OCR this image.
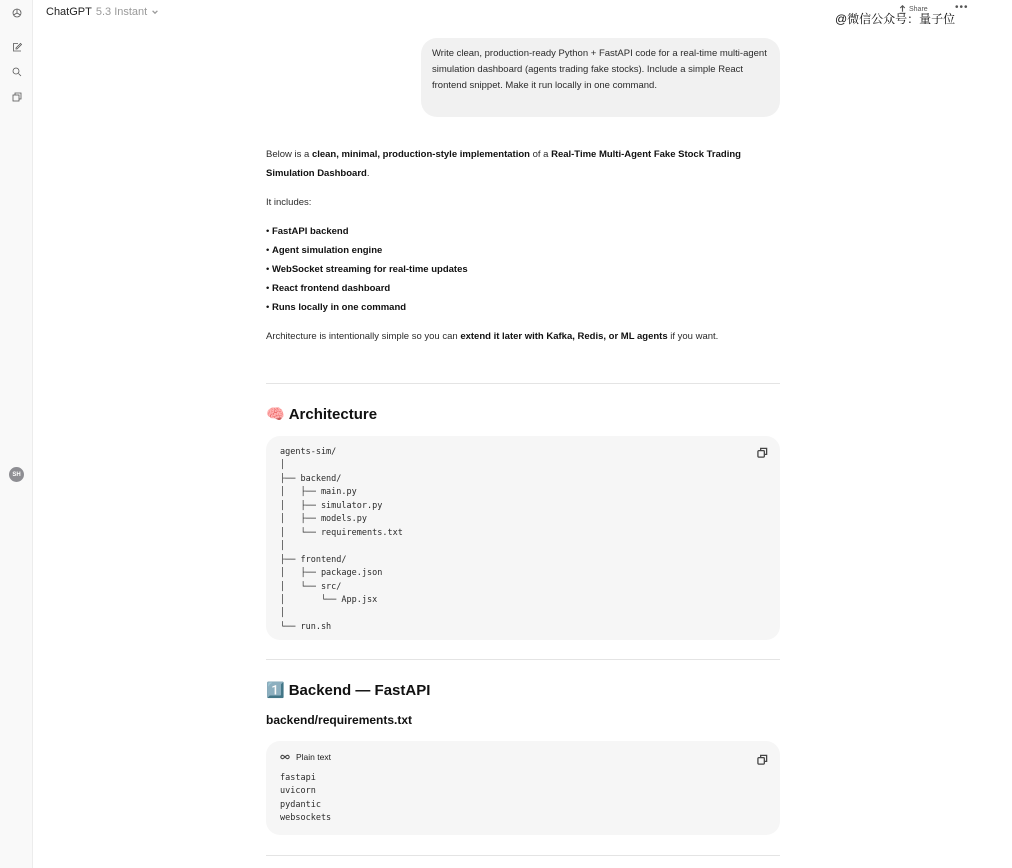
SH
ChatGPT 5.3 Instant	Share	•••
@微信公众号：量子位
Write clean, production-ready Python + FastAPI code for a real-time multi-agent simulation dashboard (agents trading fake stocks). Include a simple React frontend snippet. Make it run locally in one command.

Below is a clean, minimal, production-style implementation of a Real-Time Multi-Agent Fake Stock Trading Simulation Dashboard.

It includes:

• FastAPI backend
• Agent simulation engine
• WebSocket streaming for real-time updates
• React frontend dashboard
• Runs locally in one command

Architecture is intentionally simple so you can extend it later with Kafka, Redis, or ML agents if you want.

🧠 Architecture
agents-sim/
│
├── backend/
│   ├── main.py
│   ├── simulator.py
│   ├── models.py
│   └── requirements.txt
│
├── frontend/
│   ├── package.json
│   └── src/
│       └── App.jsx
│
└── run.sh
1️⃣ Backend — FastAPI
backend/requirements.txt
Plain text
fastapi
uvicorn
pydantic
websockets
